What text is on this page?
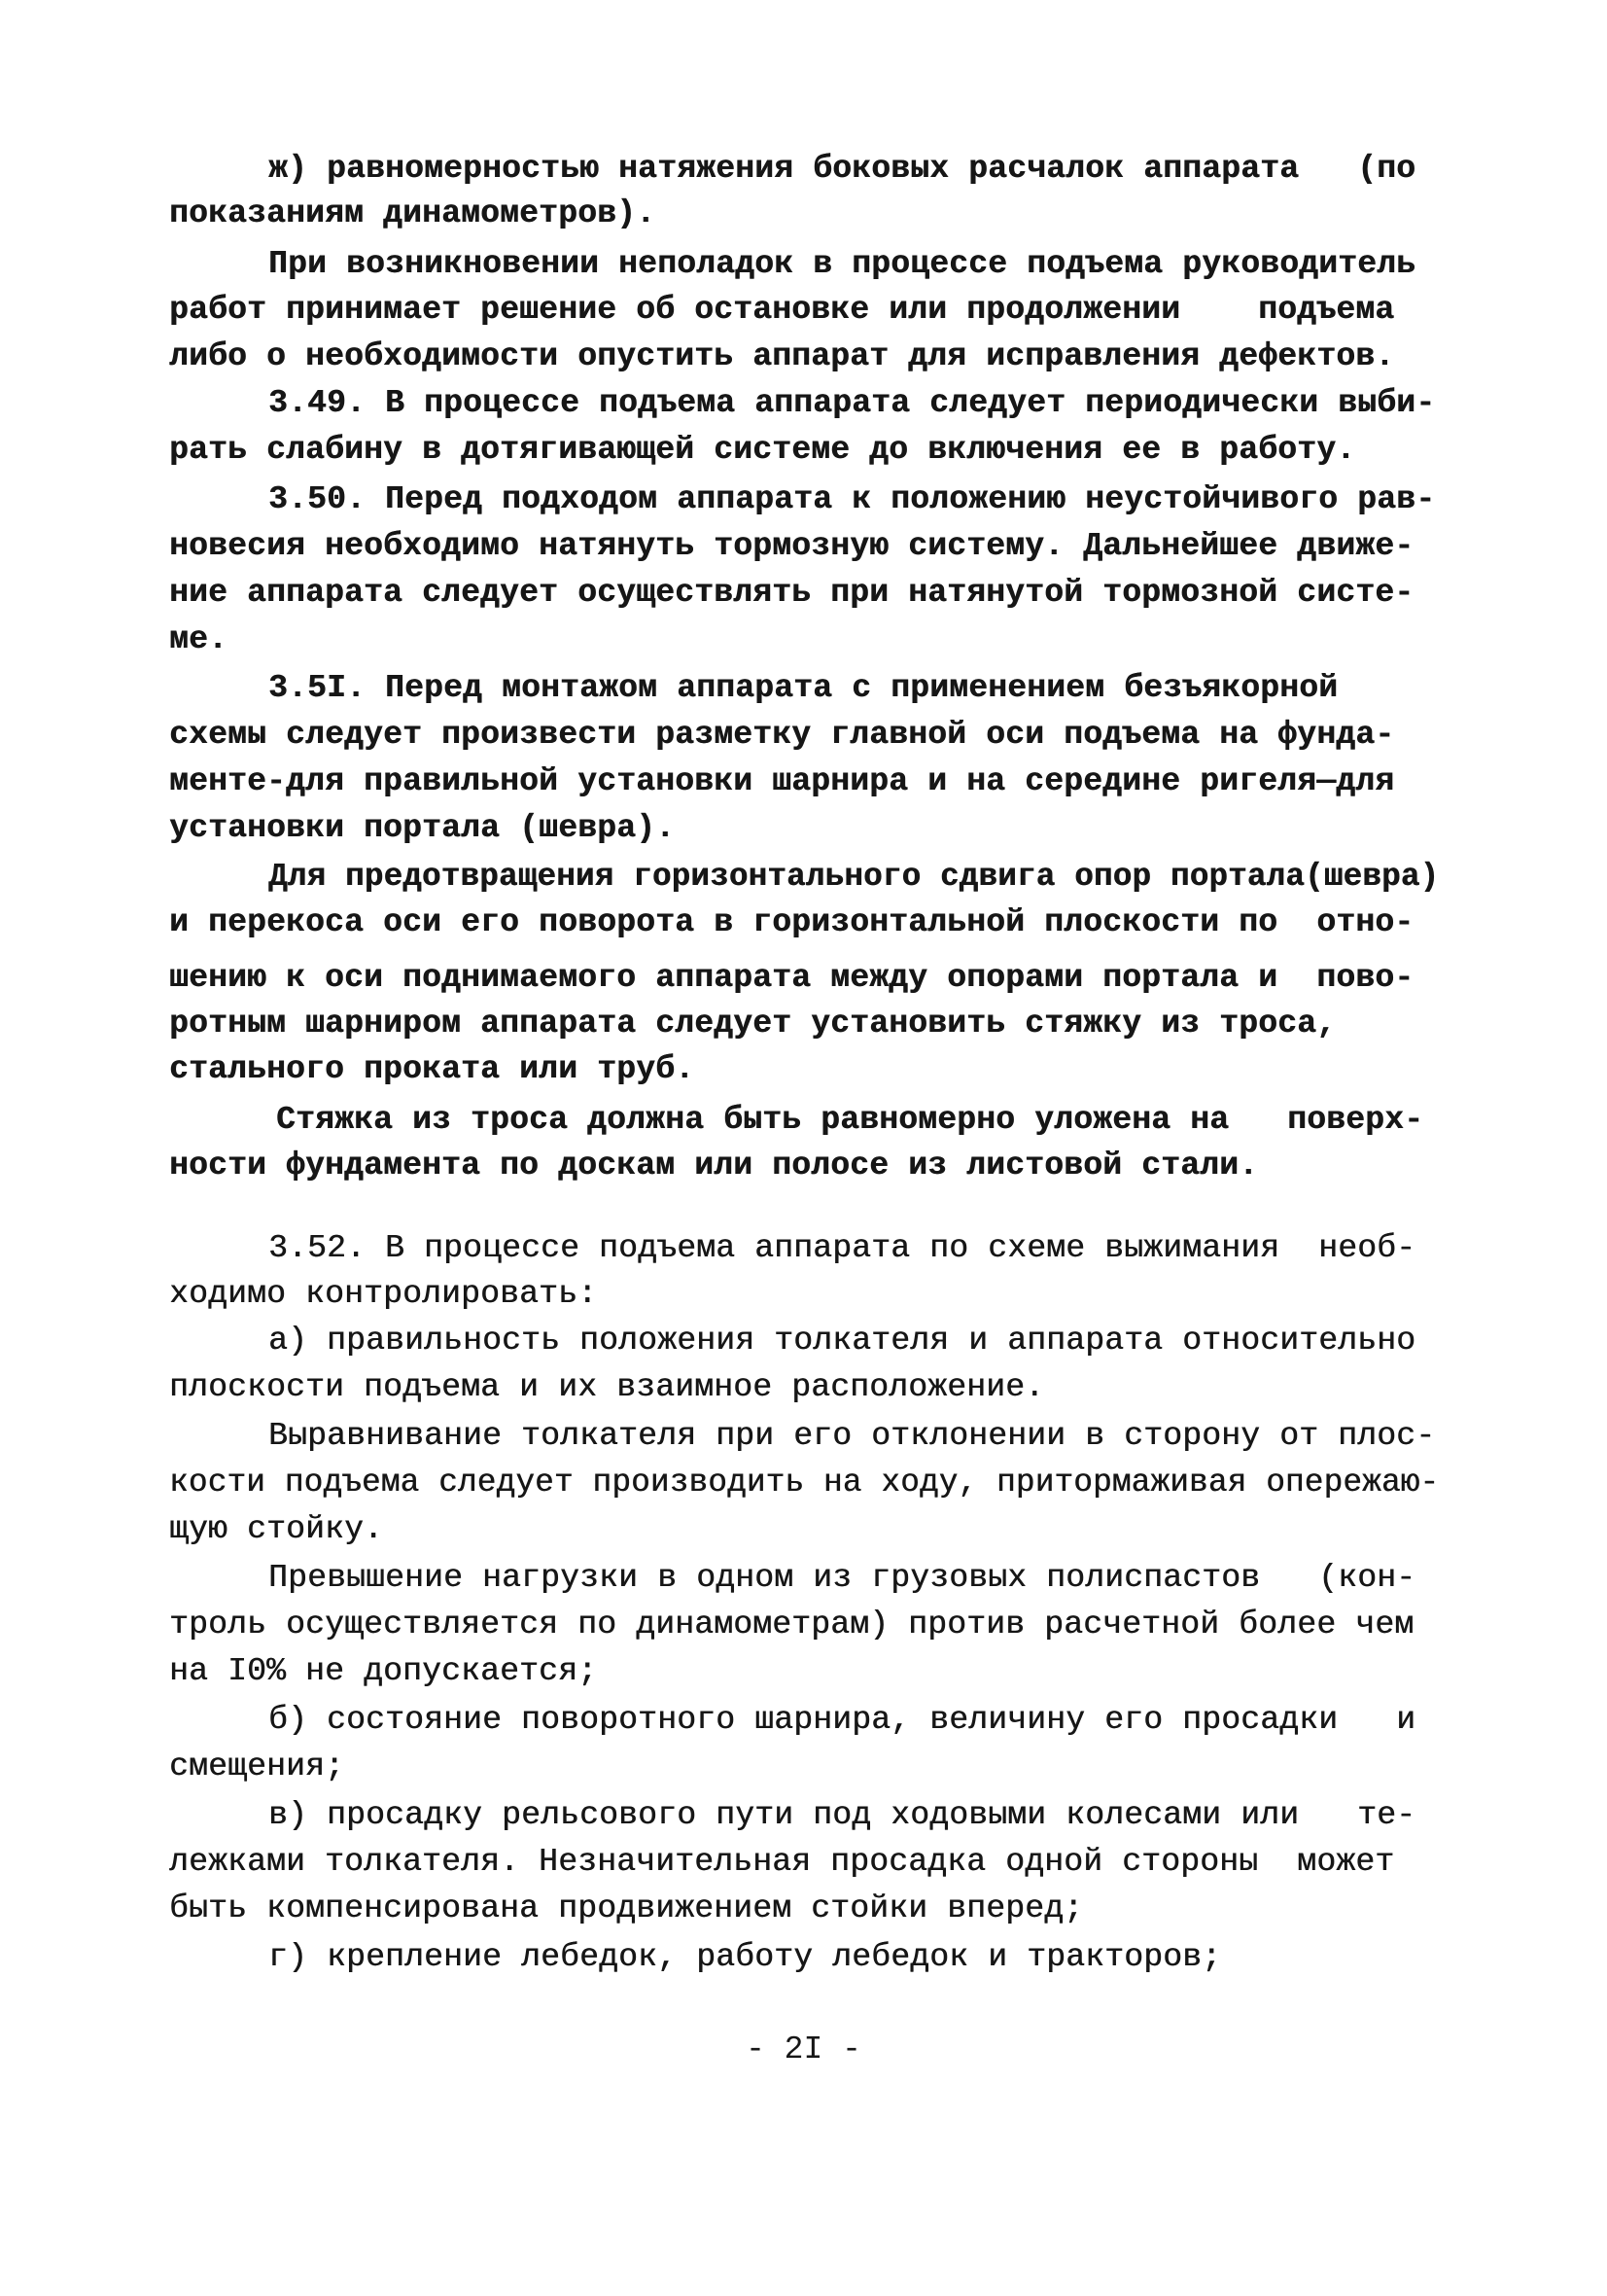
ж) равномерностью натяжения боковых расчалок аппарата   (по
показаниям динамометров).
При возникновении неполадок в процессе подъема руководитель
работ принимает решение об остановке или продолжении    подъема
либо о необходимости опустить аппарат для исправления дефектов.
3.49. В процессе подъема аппарата следует периодически выби-
рать слабину в дотягивающей системе до включения ее в работу.
3.50. Перед подходом аппарата к положению неустойчивого рав-
новесия необходимо натянуть тормозную систему. Дальнейшее движе-
ние аппарата следует осуществлять при натянутой тормозной систе-
ме.
3.5I. Перед монтажом аппарата с применением безъякорной
схемы следует произвести разметку главной оси подъема на фунда-
менте-для правильной установки шарнира и на середине ригеля—для
установки портала (шевра).
Для предотвращения горизонтального сдвига опор портала(шевра)
и перекоса оси его поворота в горизонтальной плоскости по  отно-
шению к оси поднимаемого аппарата между опорами портала и  пово-
ротным шарниром аппарата следует установить стяжку из троса,
стального проката или труб.
Стяжка из троса должна быть равномерно уложена на   поверх-
ности фундамента по доскам или полосе из листовой стали.
3.52. В процессе подъема аппарата по схеме выжимания  необ-
ходимо контролировать:
а) правильность положения толкателя и аппарата относительно
плоскости подъема и их взаимное расположение.
Выравнивание толкателя при его отклонении в сторону от плос-
кости подъема следует производить на ходу, притормаживая опережаю-
щую стойку.
Превышение нагрузки в одном из грузовых полиспастов   (кон-
троль осуществляется по динамометрам) против расчетной более чем
на I0% не допускается;
б) состояние поворотного шарнира, величину его просадки   и
смещения;
в) просадку рельсового пути под ходовыми колесами или   те-
лежками толкателя. Незначительная просадка одной стороны  может
быть компенсирована продвижением стойки вперед;
г) крепление лебедок, работу лебедок и тракторов;
- 2I -
